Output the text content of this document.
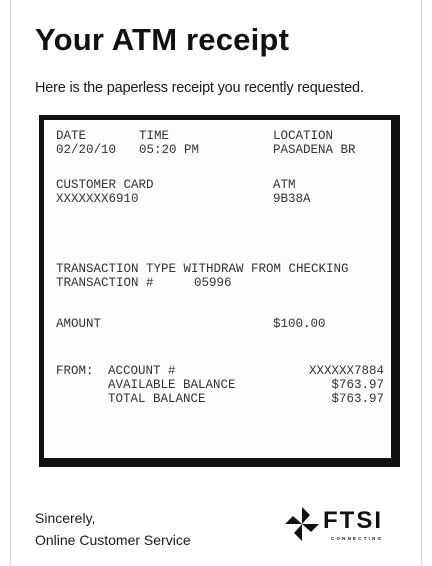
Your ATM receipt
Here is the paperless receipt you recently requested.
DATE	TIME	LOCATION
02/20/10 05:20 PM	PASADENA BR
CUSTOMER CARD	ATM
XXXXXXX6910	9B38A
TRANSACTION TYPE WITHDRAW FROM CHECKING
TRANSACTION #	05996
AMOUNT	$100.00
FROM: ACCOUNT #	XXXXXX7884
AVAILABLE BALANCE	$763.97
TOTAL BALANCE	$763.97
Sincerely,
Online Customer Service
FTSI
CONNECTING
